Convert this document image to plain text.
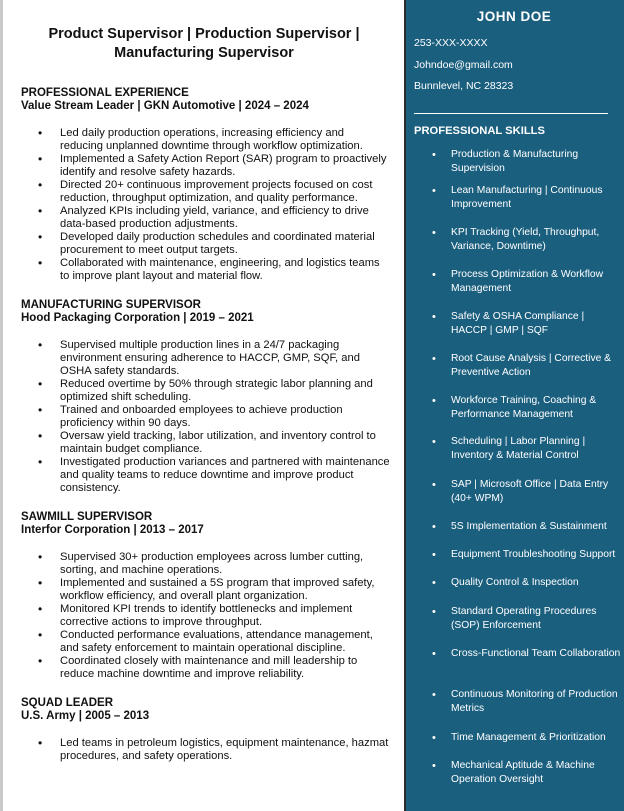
Product Supervisor | Production Supervisor | Manufacturing Supervisor
PROFESSIONAL EXPERIENCE
Value Stream Leader | GKN Automotive | 2024 – 2024
• Led daily production operations, increasing efficiency and reducing unplanned downtime through workflow optimization.
• Implemented a Safety Action Report (SAR) program to proactively identify and resolve safety hazards.
• Directed 20+ continuous improvement projects focused on cost reduction, throughput optimization, and quality performance.
• Analyzed KPIs including yield, variance, and efficiency to drive data-based production adjustments.
• Developed daily production schedules and coordinated material procurement to meet output targets.
• Collaborated with maintenance, engineering, and logistics teams to improve plant layout and material flow.
MANUFACTURING SUPERVISOR
Hood Packaging Corporation | 2019 – 2021
• Supervised multiple production lines in a 24/7 packaging environment ensuring adherence to HACCP, GMP, SQF, and OSHA safety standards.
• Reduced overtime by 50% through strategic labor planning and optimized shift scheduling.
• Trained and onboarded employees to achieve production proficiency within 90 days.
• Oversaw yield tracking, labor utilization, and inventory control to maintain budget compliance.
• Investigated production variances and partnered with maintenance and quality teams to reduce downtime and improve product consistency.
SAWMILL SUPERVISOR
Interfor Corporation | 2013 – 2017
• Supervised 30+ production employees across lumber cutting, sorting, and machine operations.
• Implemented and sustained a 5S program that improved safety, workflow efficiency, and overall plant organization.
• Monitored KPI trends to identify bottlenecks and implement corrective actions to improve throughput.
• Conducted performance evaluations, attendance management, and safety enforcement to maintain operational discipline.
• Coordinated closely with maintenance and mill leadership to reduce machine downtime and improve reliability.
SQUAD LEADER
U.S. Army | 2005 – 2013
• Led teams in petroleum logistics, equipment maintenance, hazmat procedures, and safety operations.
JOHN DOE
253-XXX-XXXX
Johndoe@gmail.com
Bunnlevel, NC 28323
PROFESSIONAL SKILLS
• Production & Manufacturing Supervision
• Lean Manufacturing | Continuous Improvement
• KPI Tracking (Yield, Throughput, Variance, Downtime)
• Process Optimization & Workflow Management
• Safety & OSHA Compliance | HACCP | GMP | SQF
• Root Cause Analysis | Corrective & Preventive Action
• Workforce Training, Coaching & Performance Management
• Scheduling | Labor Planning | Inventory & Material Control
• SAP | Microsoft Office | Data Entry (40+ WPM)
• 5S Implementation & Sustainment
• Equipment Troubleshooting Support
• Quality Control & Inspection
• Standard Operating Procedures (SOP) Enforcement
• Cross-Functional Team Collaboration
• Continuous Monitoring of Production Metrics
• Time Management & Prioritization
• Mechanical Aptitude & Machine Operation Oversight
